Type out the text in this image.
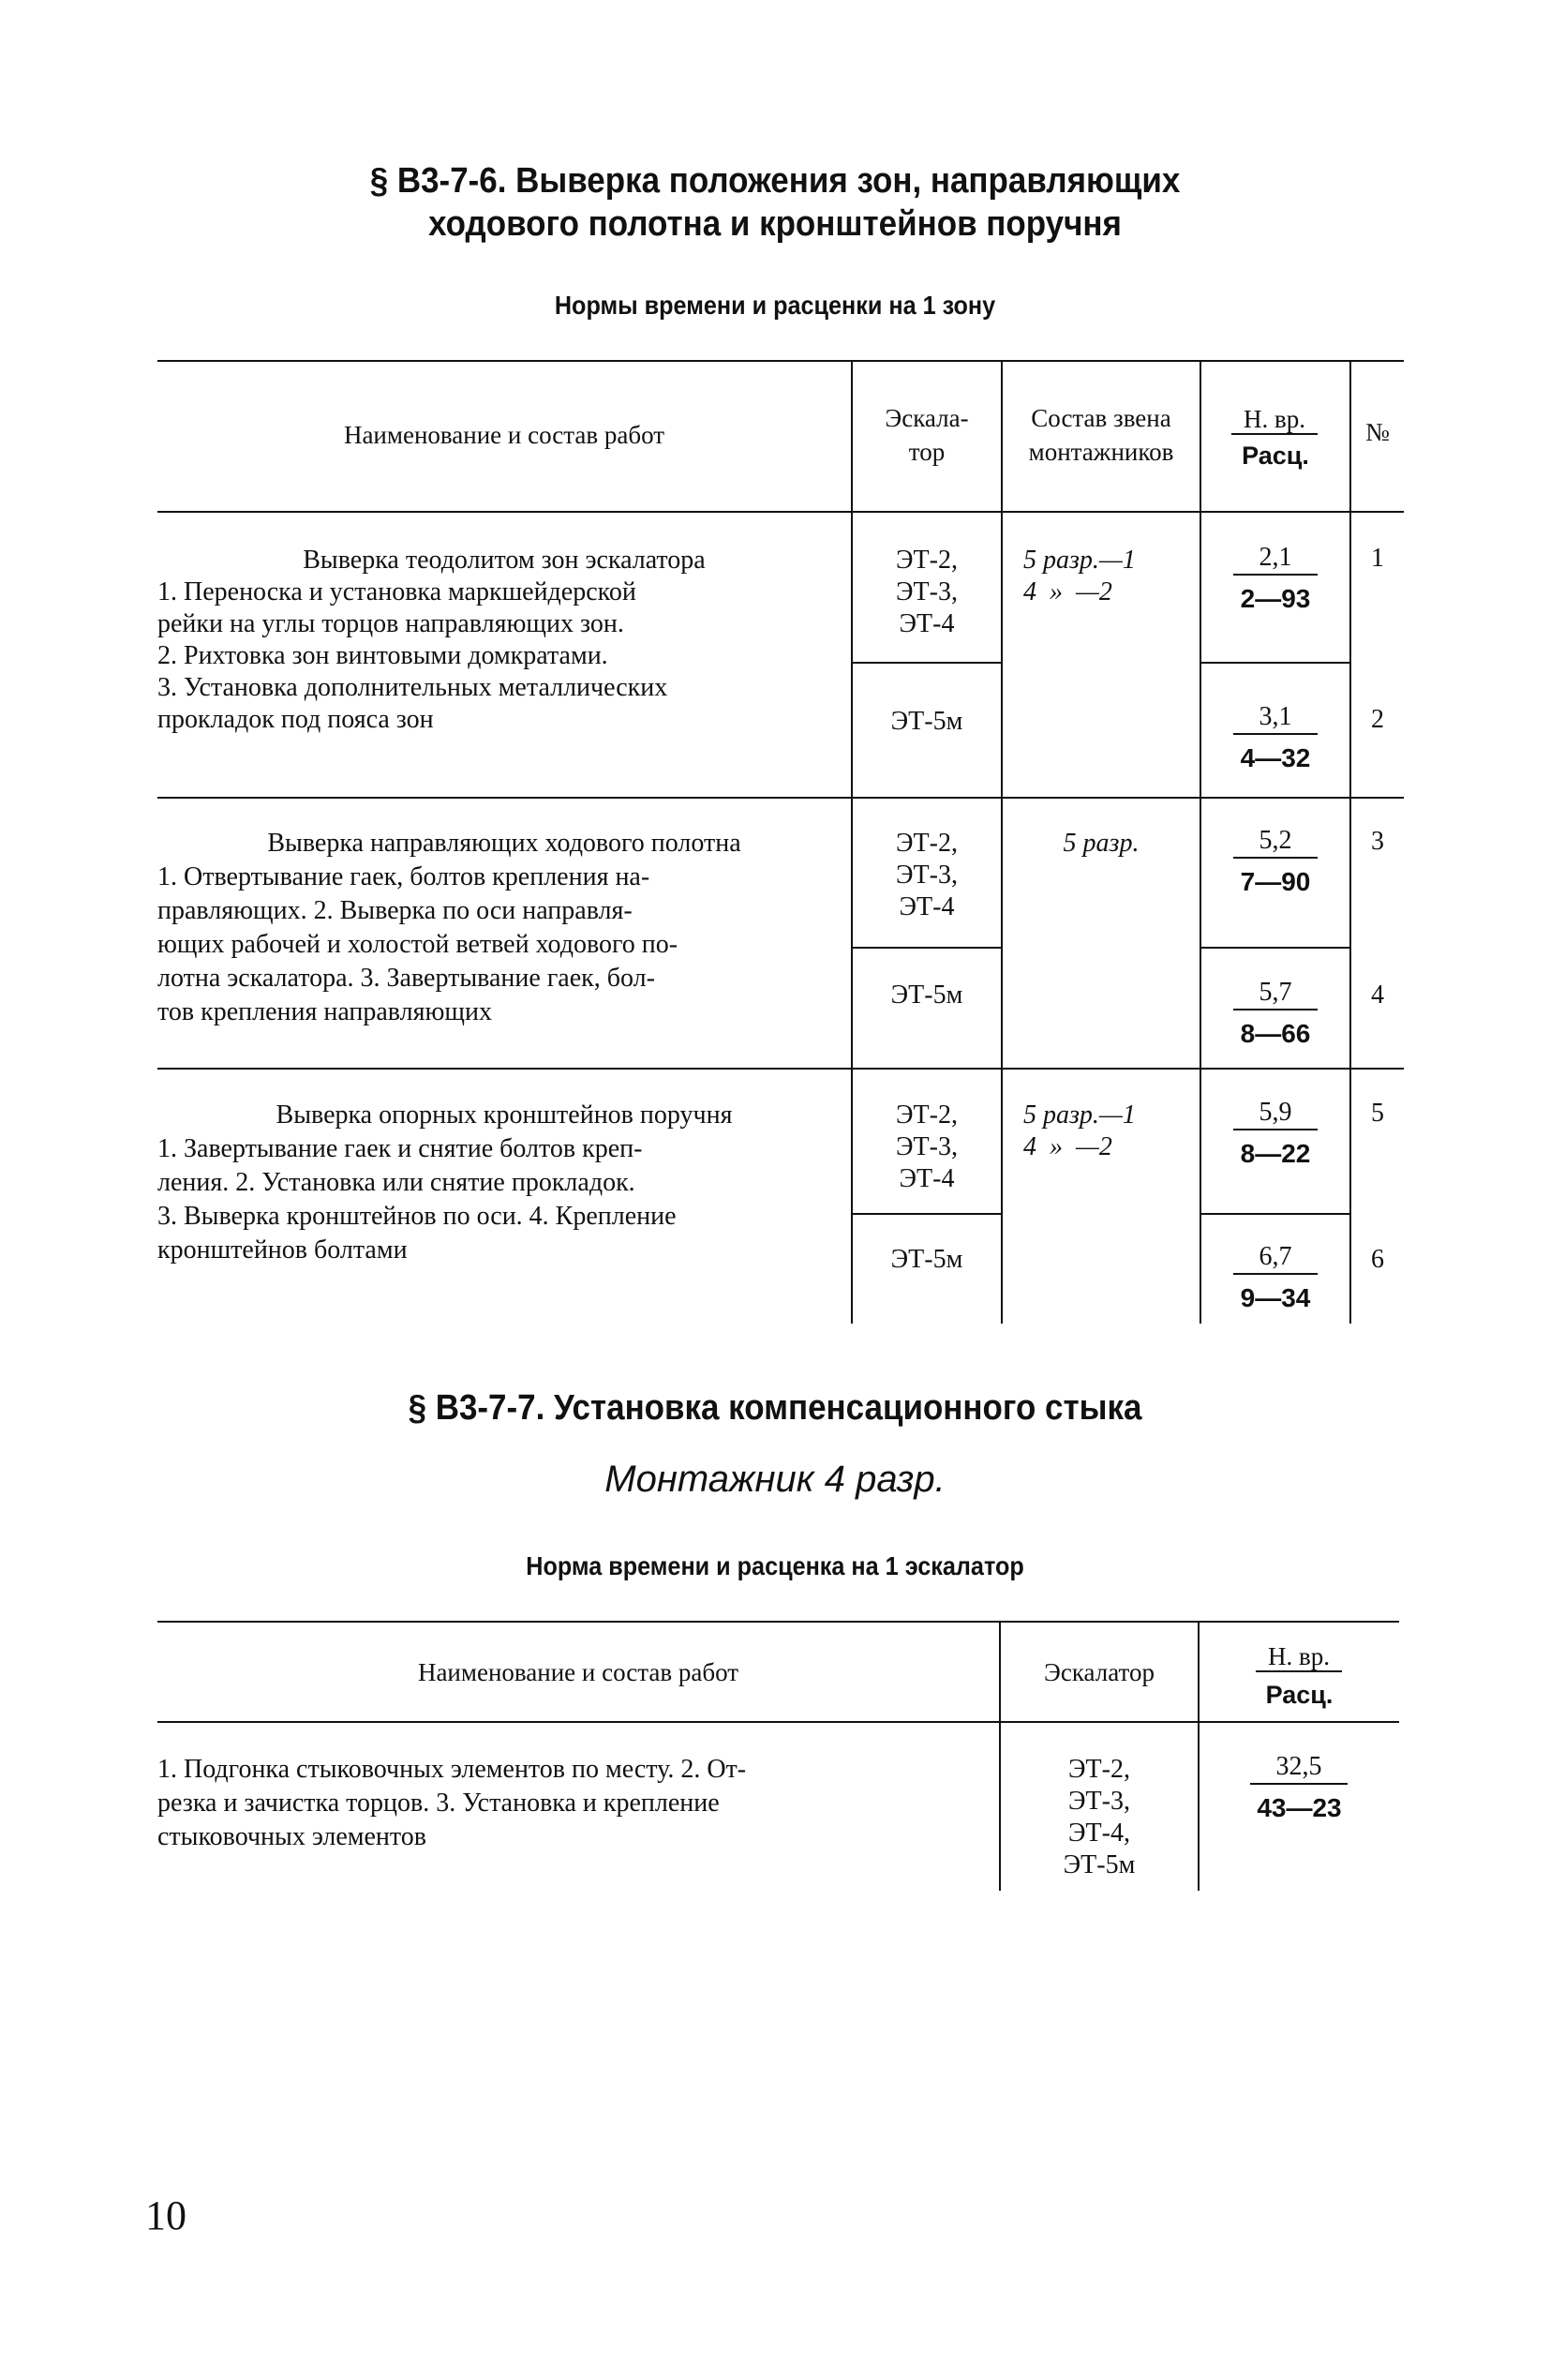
§ В3-7-6. Выверка положения зон, направляющих
ходового полотна и кронштейнов поручня
Нормы времени и расценки на 1 зону
Наименование и состав работ
Эскала-
тор
Состав звена
монтажников
Н. вр.
Расц.
№
Выверка теодолитом зон эскалатора
1. Переноска и установка маркшейдерской
рейки на углы торцов направляющих зон.
2. Рихтовка зон винтовыми домкратами.
3. Установка дополнительных металлических
прокладок под пояса зон
ЭТ-2,
ЭТ-3,
ЭТ-4
ЭТ-5м
5 разр.—1
4  »  —2
2,1
2—93
1
3,1
4—32
2
Выверка направляющих ходового полотна
1. Отвертывание гаек, болтов крепления на-
правляющих. 2. Выверка по оси направля-
ющих рабочей и холостой ветвей ходового по-
лотна эскалатора. 3. Завертывание гаек, бол-
тов крепления направляющих
ЭТ-2,
ЭТ-3,
ЭТ-4
ЭТ-5м
5 разр.	5,2
7—90
3
5,7
8—66
4
Выверка опорных кронштейнов поручня
1. Завертывание гаек и снятие болтов креп-
ления. 2. Установка или снятие прокладок.
3. Выверка кронштейнов по оси. 4. Крепление
кронштейнов болтами
ЭТ-2,
ЭТ-3,
ЭТ-4
ЭТ-5м
5 разр.—1
4  »  —2
5,9
8—22
5
6,7
9—34
6
§ В3-7-7. Установка компенсационного стыка
Монтажник 4 разр.
Норма времени и расценка на 1 эскалатор
Наименование и состав работ	Эскалатор
Н. вр.
Расц.
1. Подгонка стыковочных элементов по месту. 2. От-
резка и зачистка торцов. 3. Установка и крепление
стыковочных элементов
ЭТ-2,
ЭТ-3,
ЭТ-4,
ЭТ-5м
32,5
43—23
10
